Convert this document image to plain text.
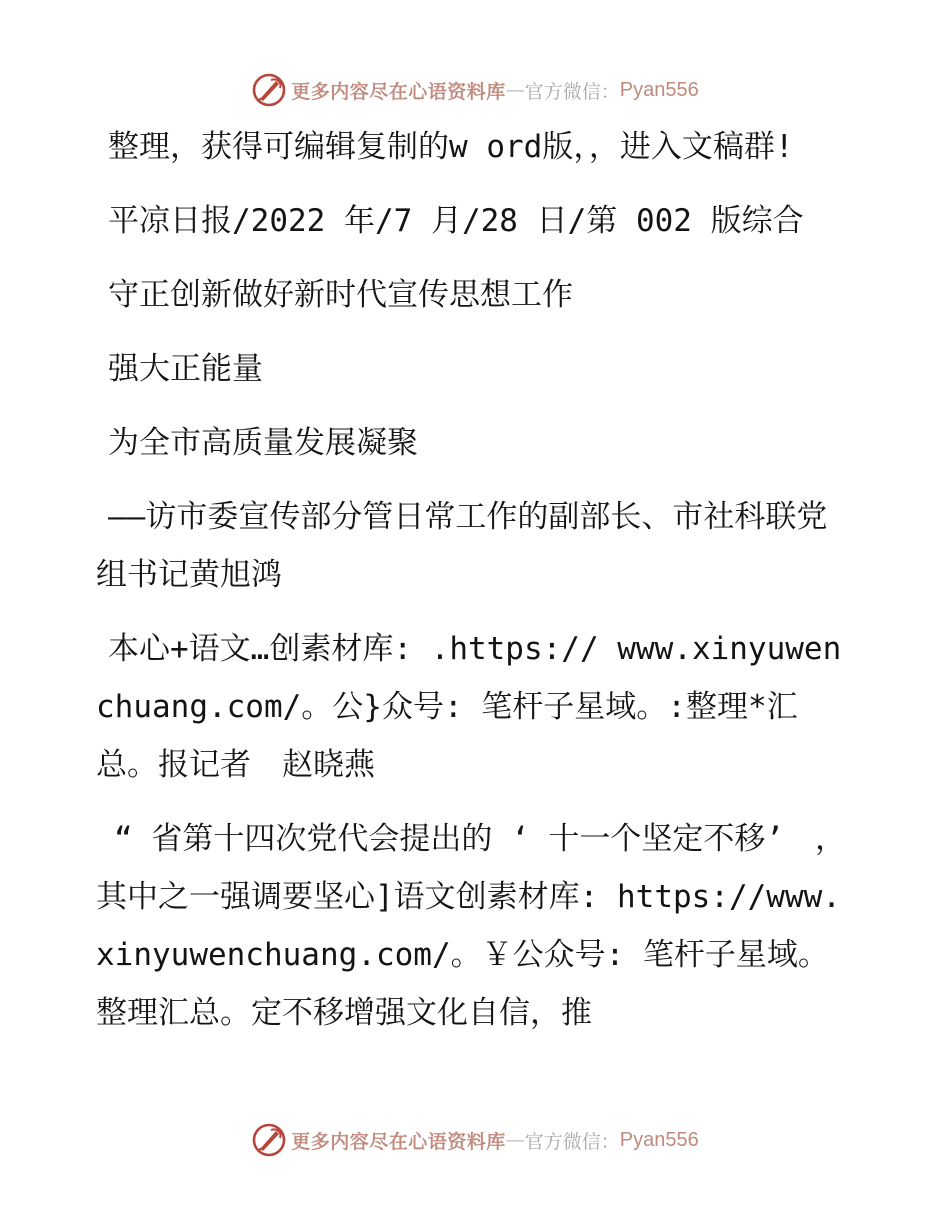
更多内容尽在心语资料库 — 官方微信： Pyan556

整理，获得可编辑复制的w ord版，，进入文稿群!

平凉日报/2022 年/7 月/28 日/第 002 版综合

守正创新做好新时代宣传思想工作

强大正能量

为全市高质量发展凝聚

——访市委宣传部分管日常工作的副部长、市社科联党组书记黄旭鸿

本心+语文…创素材库: .https:// www.xinyuwenchuang.com/。公}众号: 笔杆子星域。:整理*汇总。报记者　赵晓燕

“ 省第十四次党代会提出的 ‘ 十一个坚定不移’　，其中之一强调要坚心]语文创素材库: https://www.xinyuwenchuang.com/。￥公众号: 笔杆子星域。整理汇总。定不移增强文化自信，推

更多内容尽在心语资料库 — 官方微信： Pyan556
